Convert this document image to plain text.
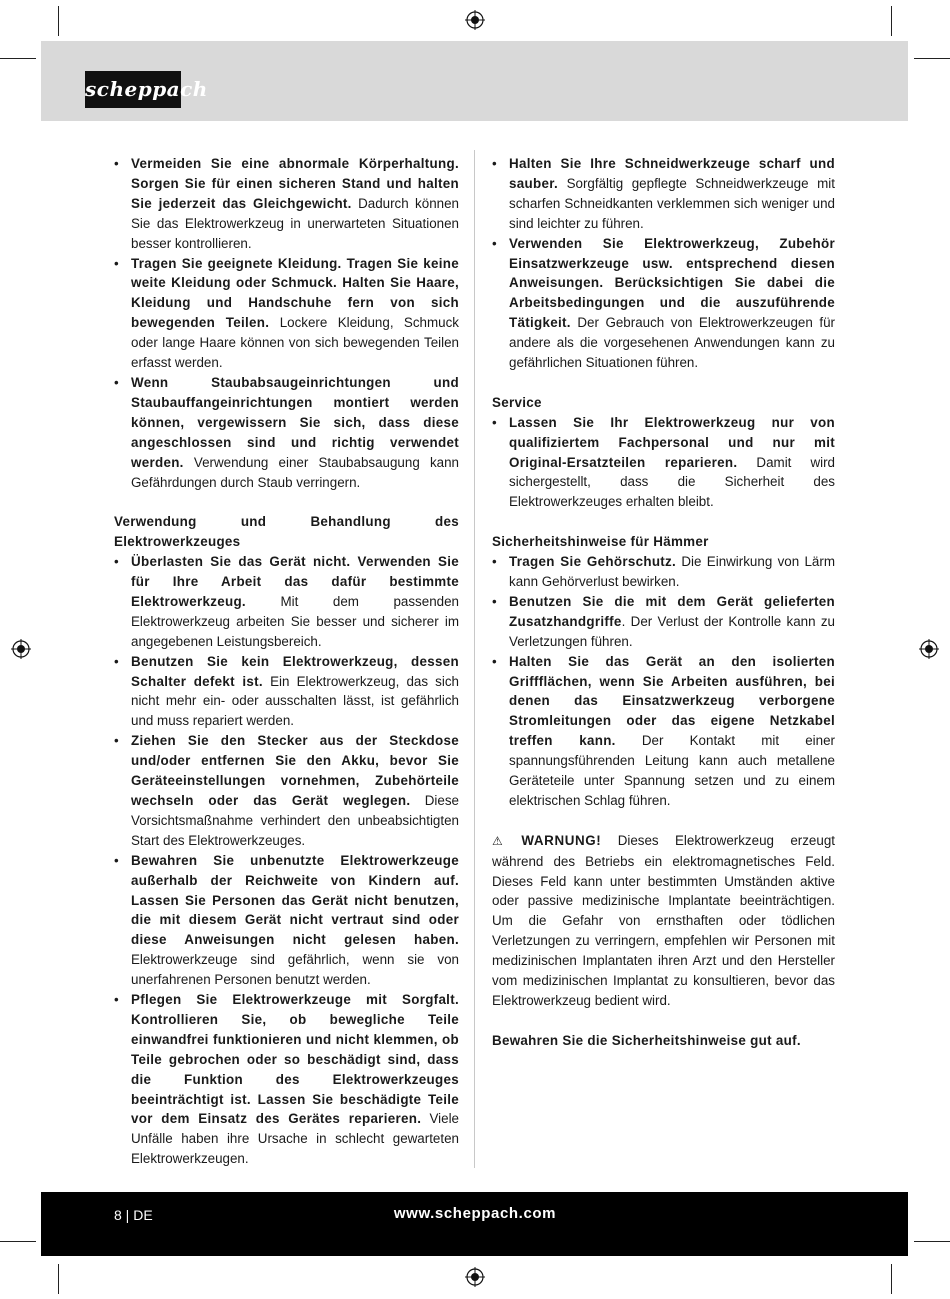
scheppach
• Vermeiden Sie eine abnormale Körperhaltung. Sorgen Sie für einen sicheren Stand und halten Sie jederzeit das Gleichgewicht. Dadurch können Sie das Elektrowerkzeug in unerwarteten Situationen besser kontrollieren.
• Tragen Sie geeignete Kleidung. Tragen Sie keine weite Kleidung oder Schmuck. Halten Sie Haare, Kleidung und Handschuhe fern von sich bewegenden Teilen. Lockere Kleidung, Schmuck oder lange Haare können von sich bewegenden Teilen erfasst werden.
• Wenn Staubabsaugeinrichtungen und Staubauffangeinrichtungen montiert werden können, vergewissern Sie sich, dass diese angeschlossen sind und richtig verwendet werden. Verwendung einer Staubabsaugung kann Gefährdungen durch Staub verringern.

Verwendung und Behandlung des Elektrowerkzeuges

• Überlasten Sie das Gerät nicht. Verwenden Sie für Ihre Arbeit das dafür bestimmte Elektrowerkzeug. Mit dem passenden Elektrowerkzeug arbeiten Sie besser und sicherer im angegebenen Leistungsbereich.
• Benutzen Sie kein Elektrowerkzeug, dessen Schalter defekt ist. Ein Elektrowerkzeug, das sich nicht mehr ein- oder ausschalten lässt, ist gefährlich und muss repariert werden.
• Ziehen Sie den Stecker aus der Steckdose und/oder entfernen Sie den Akku, bevor Sie Geräteeinstellungen vornehmen, Zubehörteile wechseln oder das Gerät weglegen. Diese Vorsichtsmaßnahme verhindert den unbeabsichtigten Start des Elektrowerkzeuges.
• Bewahren Sie unbenutzte Elektrowerkzeuge außerhalb der Reichweite von Kindern auf. Lassen Sie Personen das Gerät nicht benutzen, die mit diesem Gerät nicht vertraut sind oder diese Anweisungen nicht gelesen haben. Elektrowerkzeuge sind gefährlich, wenn sie von unerfahrenen Personen benutzt werden.
• Pflegen Sie Elektrowerkzeuge mit Sorgfalt. Kontrollieren Sie, ob bewegliche Teile einwandfrei funktionieren und nicht klemmen, ob Teile gebrochen oder so beschädigt sind, dass die Funktion des Elektrowerkzeuges beeinträchtigt ist. Lassen Sie beschädigte Teile vor dem Einsatz des Gerätes reparieren. Viele Unfälle haben ihre Ursache in schlecht gewarteten Elektrowerkzeugen.
• Halten Sie Ihre Schneidwerkzeuge scharf und sauber. Sorgfältig gepflegte Schneidwerkzeuge mit scharfen Schneidkanten verklemmen sich weniger und sind leichter zu führen.
• Verwenden Sie Elektrowerkzeug, Zubehör Einsatzwerkzeuge usw. entsprechend diesen Anweisungen. Berücksichtigen Sie dabei die Arbeitsbedingungen und die auszuführende Tätigkeit. Der Gebrauch von Elektrowerkzeugen für andere als die vorgesehenen Anwendungen kann zu gefährlichen Situationen führen.

Service

• Lassen Sie Ihr Elektrowerkzeug nur von qualifiziertem Fachpersonal und nur mit Original-Ersatzteilen reparieren. Damit wird sichergestellt, dass die Sicherheit des Elektrowerkzeuges erhalten bleibt.

Sicherheitshinweise für Hämmer

• Tragen Sie Gehörschutz. Die Einwirkung von Lärm kann Gehörverlust bewirken.
• Benutzen Sie die mit dem Gerät gelieferten Zusatzhandgriffe. Der Verlust der Kontrolle kann zu Verletzungen führen.
• Halten Sie das Gerät an den isolierten Griffflächen, wenn Sie Arbeiten ausführen, bei denen das Einsatzwerkzeug verborgene Stromleitungen oder das eigene Netzkabel treffen kann. Der Kontakt mit einer spannungsführenden Leitung kann auch metallene Geräteteile unter Spannung setzen und zu einem elektrischen Schlag führen.

⚠ WARNUNG! Dieses Elektrowerkzeug erzeugt während des Betriebs ein elektromagnetisches Feld. Dieses Feld kann unter bestimmten Umständen aktive oder passive medizinische Implantate beeinträchtigen. Um die Gefahr von ernsthaften oder tödlichen Verletzungen zu verringern, empfehlen wir Personen mit medizinischen Implantaten ihren Arzt und den Hersteller vom medizinischen Implantat zu konsultieren, bevor das Elektrowerkzeug bedient wird.

Bewahren Sie die Sicherheitshinweise gut auf.

8 | DE	www.scheppach.com
